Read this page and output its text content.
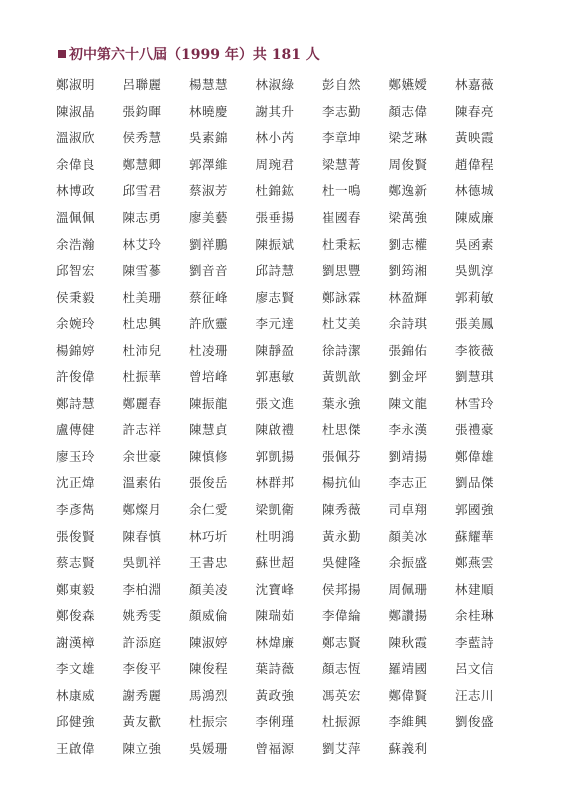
初中第六十八屆（1999 年）共 181 人
鄭淑明	呂聯麗	楊慧慧	林淑綠	彭自然	鄭嬿嬡	林嘉薇
陳淑晶	張鈞暉	林曉慶	謝其升	李志勤	顏志偉	陳春亮
溫淑欣	侯秀慧	吳素錦	林小芮	李章坤	梁芝琳	黃映霞
余偉良	鄭慧卿	郭澤維	周琬君	梁慧菁	周俊賢	趙偉程
林博政	邱雪君	蔡淑芳	杜錦鈜	杜一鳴	鄭逸新	林德城
溫佩佩	陳志勇	廖美藝	張垂揚	崔國春	梁萬強	陳威廉
余浩瀚	林艾玲	劉祥鵬	陳振斌	杜秉耘	劉志權	吳函素
邱智宏	陳雪蔘	劉音音	邱詩慧	劉思豐	劉筠湘	吳凱淳
侯秉毅	杜美珊	蔡征峰	廖志賢	鄭詠霖	林盈輝	郭莉敏
余婉玲	杜忠興	許欣靈	李元達	杜艾美	余詩琪	張美鳳
楊錦婷	杜沛兒	杜凌珊	陳靜盈	徐詩潔	張錦佑	李筱薇
許俊偉	杜振華	曾培峰	郭惠敏	黃凱歆	劉金坪	劉慧琪
鄭詩慧	鄭麗春	陳振龍	張文進	葉永強	陳文龍	林雪玲
盧傳健	許志祥	陳慧貞	陳啟禮	杜思傑	李永漢	張禮豪
廖玉玲	余世豪	陳慎修	郭凱揚	張佩芬	劉靖揚	鄭偉雄
沈正煒	溫素佑	張俊岳	林群邦	楊抗仙	李志正	劉品傑
李彥雋	鄭燦月	余仁愛	梁凱衛	陳秀薇	司卓翔	郭國強
張俊賢	陳春慎	林巧圻	杜明鴻	黃永勤	顏美冰	蘇耀華
蔡志賢	吳凱祥	王書忠	蘇世超	吳健隆	余振盛	鄭燕雲
鄭東毅	李柏淵	顏美凌	沈寶峰	侯邦揚	周佩珊	林建順
鄭俊森	姚秀雯	顏威倫	陳瑞茹	李偉綸	鄭讚揚	余桂琳
謝漢樟	許添庭	陳淑婷	林煒廉	鄭志賢	陳秋霞	李藍詩
李文雄	李俊平	陳俊程	葉詩薇	顏志恆	羅靖國	呂文信
林康威	謝秀麗	馬鴻烈	黃政強	馮英宏	鄭偉賢	汪志川
邱健強	黃友歡	杜振宗	李俐瑾	杜振源	李維興	劉俊盛
王啟偉	陳立強	吳媛珊	曾福源	劉艾萍	蘇義利
